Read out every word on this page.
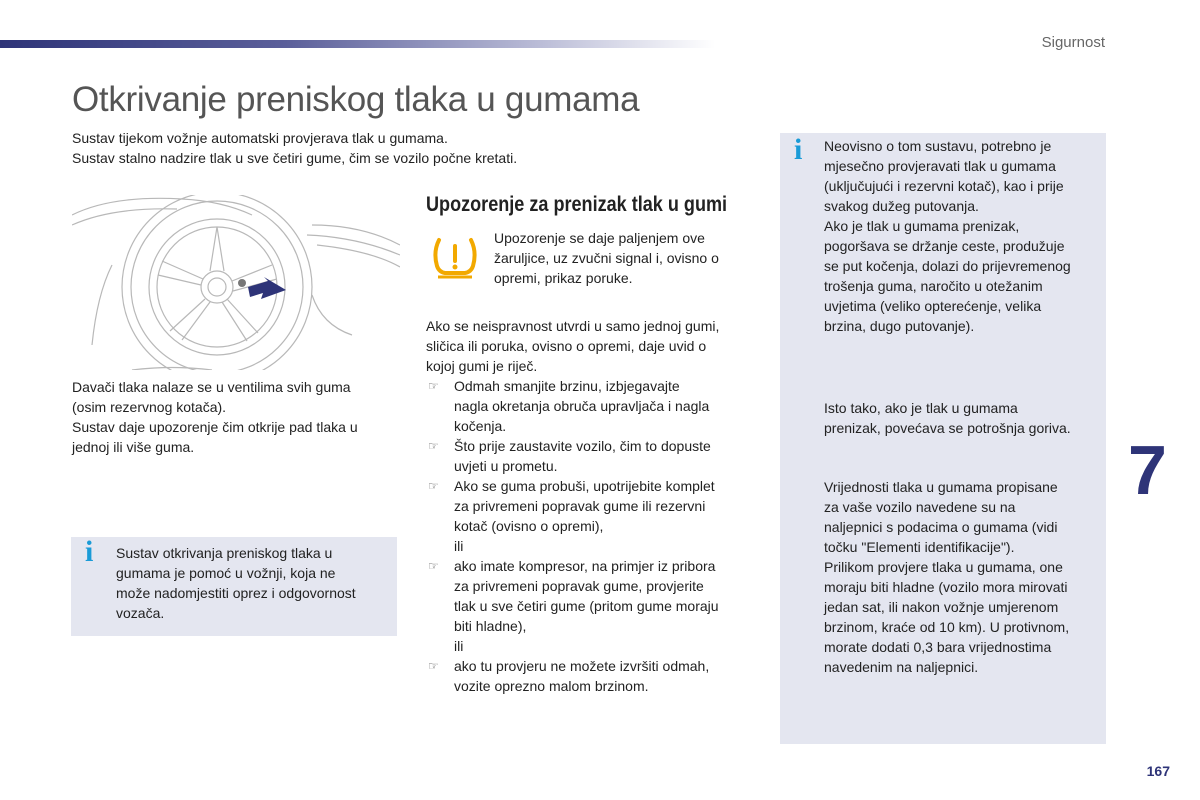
Sigurnost
Otkrivanje preniskog tlaka u gumama
Sustav tijekom vožnje automatski provjerava tlak u gumama.
Sustav stalno nadzire tlak u sve četiri gume, čim se vozilo počne kretati.
Davači tlaka nalaze se u ventilima svih guma
(osim rezervnog kotača).
Sustav daje upozorenje čim otkrije pad tlaka u
jednoj ili više guma.
i Sustav otkrivanja preniskog tlaka u
gumama je pomoć u vožnji, koja ne
može nadomjestiti oprez i odgovornost
vozača.
Upozorenje za prenizak tlak u gumi
Upozorenje se daje paljenjem ove
žaruljice, uz zvučni signal i, ovisno o
opremi, prikaz poruke.
Ako se neispravnost utvrdi u samo jednoj gumi,
sličica ili poruka, ovisno o opremi, daje uvid o
kojoj gumi je riječ.
☞ Odmah smanjite brzinu, izbjegavajte
nagla okretanja obruča upravljača i nagla
kočenja.
☞ Što prije zaustavite vozilo, čim to dopuste
uvjeti u prometu.
☞ Ako se guma probuši, upotrijebite komplet
za privremeni popravak gume ili rezervni
kotač (ovisno o opremi),
ili
☞ ako imate kompresor, na primjer iz pribora
za privremeni popravak gume, provjerite
tlak u sve četiri gume (pritom gume moraju
biti hladne),
ili
☞ ako tu provjeru ne možete izvršiti odmah,
vozite oprezno malom brzinom.
i Neovisno o tom sustavu, potrebno je
mjesečno provjeravati tlak u gumama
(uključujući i rezervni kotač), kao i prije
svakog dužeg putovanja.
Ako je tlak u gumama prenizak,
pogoršava se držanje ceste, produžuje
se put kočenja, dolazi do prijevremenog
trošenja guma, naročito u otežanim
uvjetima (veliko opterećenje, velika
brzina, dugo putovanje).
Isto tako, ako je tlak u gumama
prenizak, povećava se potrošnja goriva.
Vrijednosti tlaka u gumama propisane
za vaše vozilo navedene su na
naljepnici s podacima o gumama (vidi
točku "Elementi identifikacije").
Prilikom provjere tlaka u gumama, one
moraju biti hladne (vozilo mora mirovati
jedan sat, ili nakon vožnje umjerenom
brzinom, kraće od 10 km). U protivnom,
morate dodati 0,3 bara vrijednostima
navedenim na naljepnici.
7
167
